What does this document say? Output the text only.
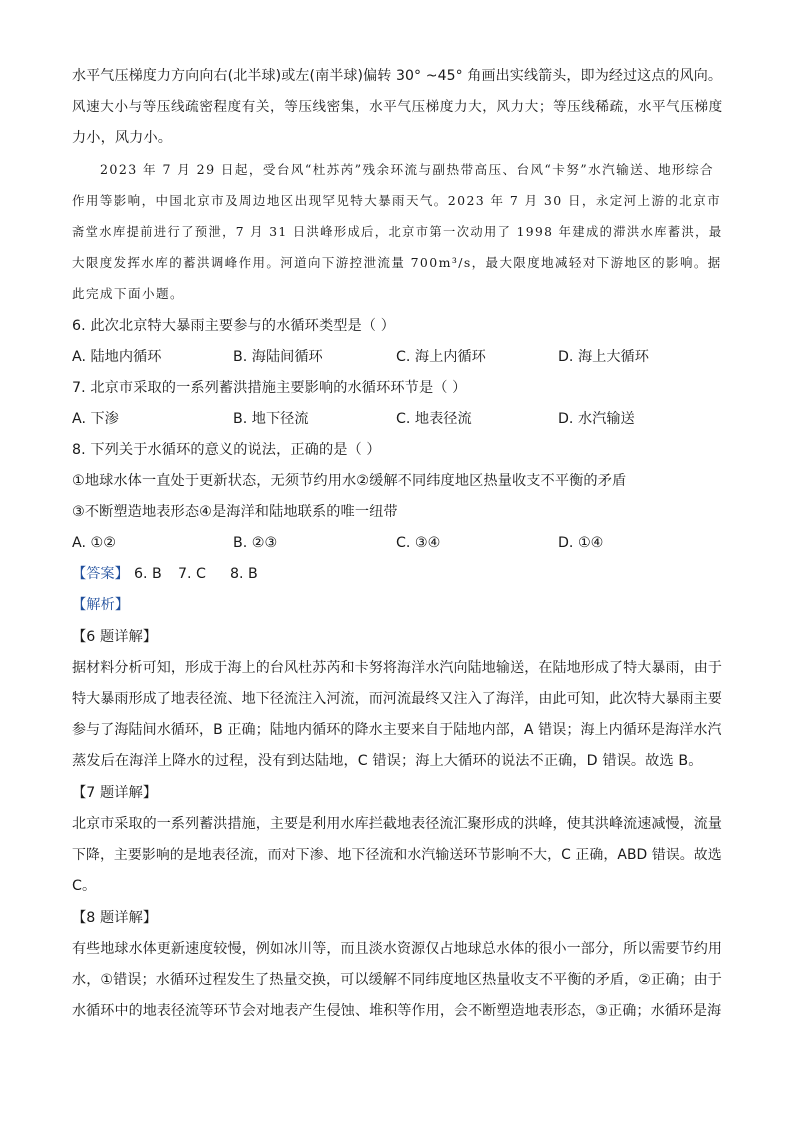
水平气压梯度力方向向右(北半球)或左(南半球)偏转 30° ~45° 角画出实线箭头，即为经过这点的风向。
风速大小与等压线疏密程度有关，等压线密集，水平气压梯度力大，风力大；等压线稀疏，水平气压梯度
力小，风力小。
2023 年 7 月 29 日起，受台风“杜苏芮”残余环流与副热带高压、台风“卡努”水汽输送、地形综合
作用等影响，中国北京市及周边地区出现罕见特大暴雨天气。2023 年 7 月 30 日，永定河上游的北京市
斋堂水库提前进行了预泄，7 月 31 日洪峰形成后，北京市第一次动用了 1998 年建成的滞洪水库蓄洪，最
大限度发挥水库的蓄洪调峰作用。河道向下游控泄流量 700m³/s，最大限度地减轻对下游地区的影响。据
此完成下面小题。
6. 此次北京特大暴雨主要参与的水循环类型是（ ）
A. 陆地内循环	B. 海陆间循环	C. 海上内循环	D. 海上大循环
7. 北京市采取的一系列蓄洪措施主要影响的水循环环节是（ ）
A. 下渗	B. 地下径流	C. 地表径流	D. 水汽输送
8. 下列关于水循环的意义的说法，正确的是（ ）
①地球水体一直处于更新状态，无须节约用水②缓解不同纬度地区热量收支不平衡的矛盾
③不断塑造地表形态④是海洋和陆地联系的唯一纽带
A. ①②	B. ②③	C. ③④	D. ①④
【答案】 6. B 7. C 8. B
【解析】
【6 题详解】
据材料分析可知，形成于海上的台风杜苏芮和卡努将海洋水汽向陆地输送，在陆地形成了特大暴雨，由于
特大暴雨形成了地表径流、地下径流注入河流，而河流最终又注入了海洋，由此可知，此次特大暴雨主要
参与了海陆间水循环，B 正确；陆地内循环的降水主要来自于陆地内部，A 错误；海上内循环是海洋水汽
蒸发后在海洋上降水的过程，没有到达陆地，C 错误；海上大循环的说法不正确，D 错误。故选 B。
【7 题详解】
北京市采取的一系列蓄洪措施，主要是利用水库拦截地表径流汇聚形成的洪峰，使其洪峰流速减慢，流量
下降，主要影响的是地表径流，而对下渗、地下径流和水汽输送环节影响不大，C 正确，ABD 错误。故选
C。
【8 题详解】
有些地球水体更新速度较慢，例如冰川等，而且淡水资源仅占地球总水体的很小一部分，所以需要节约用
水，①错误；水循环过程发生了热量交换，可以缓解不同纬度地区热量收支不平衡的矛盾，②正确；由于
水循环中的地表径流等环节会对地表产生侵蚀、堆积等作用，会不断塑造地表形态，③正确；水循环是海
